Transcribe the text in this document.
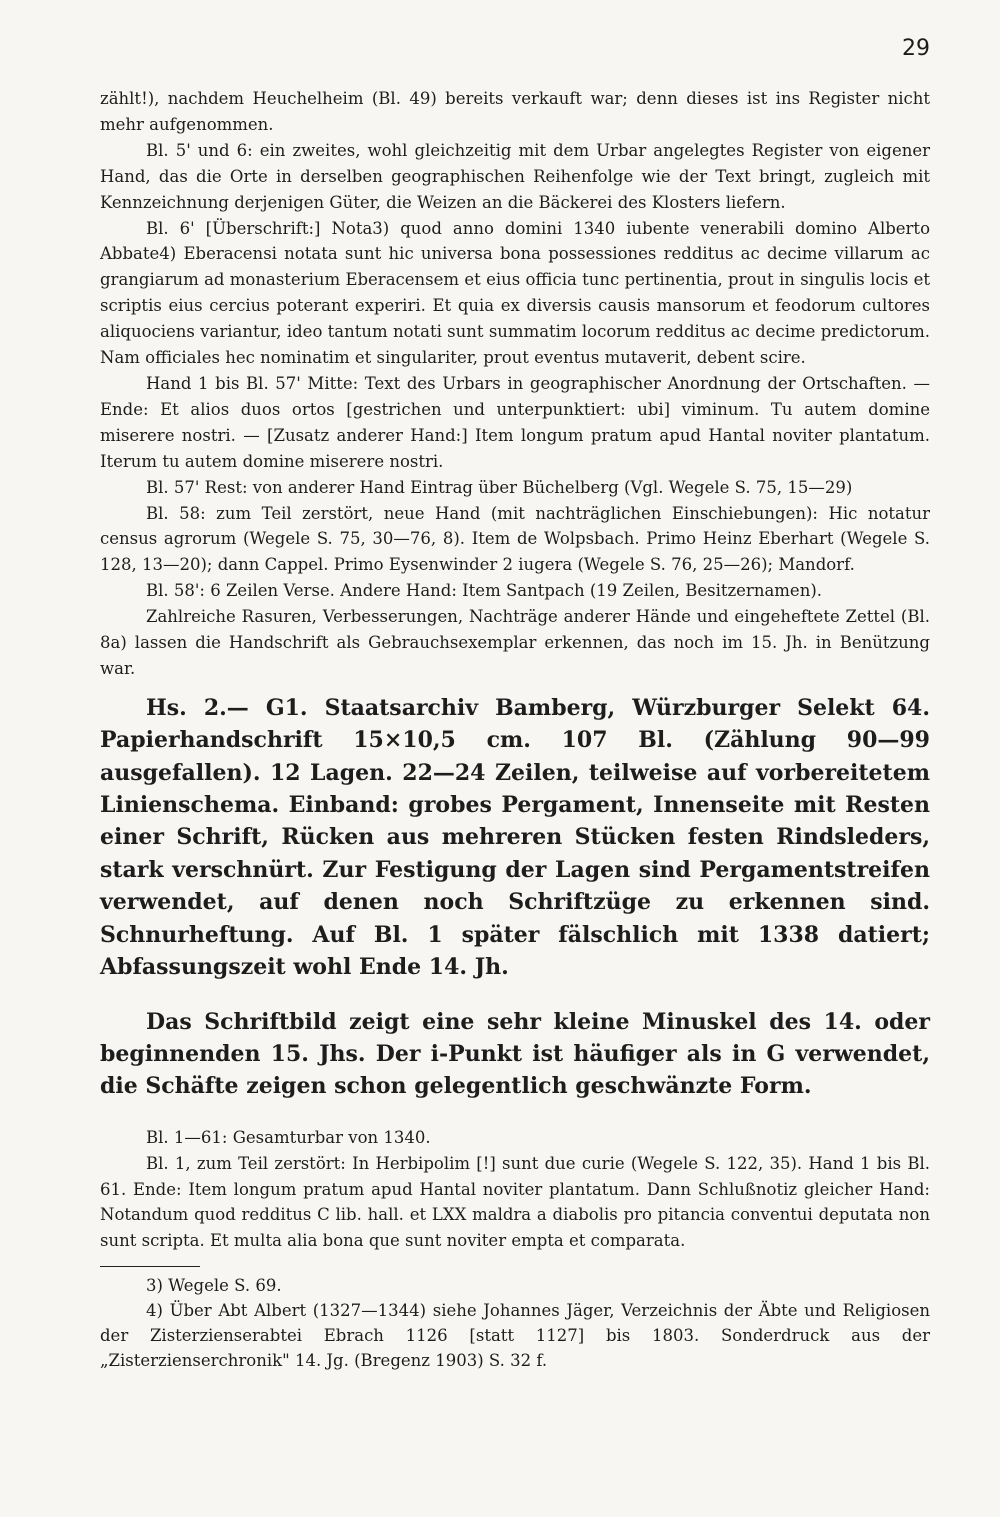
29

zählt!), nachdem Heuchelheim (Bl. 49) bereits verkauft war; denn dieses ist ins Register nicht mehr aufgenommen.

Bl. 5' und 6: ein zweites, wohl gleichzeitig mit dem Urbar angelegtes Register von eigener Hand, das die Orte in derselben geographischen Reihenfolge wie der Text bringt, zugleich mit Kennzeichnung derjenigen Güter, die Weizen an die Bäckerei des Klosters liefern.

Bl. 6' [Überschrift:] Nota3) quod anno domini 1340 iubente venerabili domino Alberto Abbate4) Eberacensi notata sunt hic universa bona possessiones redditus ac decime villarum ac grangiarum ad monasterium Eberacensem et eius officia tunc pertinentia, prout in singulis locis et scriptis eius cercius poterant experiri. Et quia ex diversis causis mansorum et feodorum cultores aliquociens variantur, ideo tantum notati sunt summatim locorum redditus ac decime predictorum. Nam officiales hec nominatim et singulariter, prout eventus mutaverit, debent scire.

Hand 1 bis Bl. 57' Mitte: Text des Urbars in geographischer Anordnung der Ortschaften. — Ende: Et alios duos ortos [gestrichen und unterpunktiert: ubi] viminum. Tu autem domine miserere nostri. — [Zusatz anderer Hand:] Item longum pratum apud Hantal noviter plantatum. Iterum tu autem domine miserere nostri.

Bl. 57' Rest: von anderer Hand Eintrag über Büchelberg (Vgl. Wegele S. 75, 15—29)

Bl. 58: zum Teil zerstört, neue Hand (mit nachträglichen Einschiebungen): Hic notatur census agrorum (Wegele S. 75, 30—76, 8). Item de Wolpsbach. Primo Heinz Eberhart (Wegele S. 128, 13—20); dann Cappel. Primo Eysenwinder 2 iugera (Wegele S. 76, 25—26); Mandorf.

Bl. 58': 6 Zeilen Verse. Andere Hand: Item Santpach (19 Zeilen, Besitzernamen).

Zahlreiche Rasuren, Verbesserungen, Nachträge anderer Hände und eingeheftete Zettel (Bl. 8a) lassen die Handschrift als Gebrauchsexemplar erkennen, das noch im 15. Jh. in Benützung war.

Hs. 2.— G1. Staatsarchiv Bamberg, Würzburger Selekt 64. Papierhandschrift 15×10,5 cm. 107 Bl. (Zählung 90—99 ausgefallen). 12 Lagen. 22—24 Zeilen, teilweise auf vorbereitetem Linienschema. Einband: grobes Pergament, Innenseite mit Resten einer Schrift, Rücken aus mehreren Stücken festen Rindsleders, stark verschnürt. Zur Festigung der Lagen sind Pergamentstreifen verwendet, auf denen noch Schriftzüge zu erkennen sind. Schnurheftung. Auf Bl. 1 später fälschlich mit 1338 datiert; Abfassungszeit wohl Ende 14. Jh.

Das Schriftbild zeigt eine sehr kleine Minuskel des 14. oder beginnenden 15. Jhs. Der i-Punkt ist häufiger als in G verwendet, die Schäfte zeigen schon gelegentlich geschwänzte Form.

Bl. 1—61: Gesamturbar von 1340.

Bl. 1, zum Teil zerstört: In Herbipolim [!] sunt due curie (Wegele S. 122, 35). Hand 1 bis Bl. 61. Ende: Item longum pratum apud Hantal noviter plantatum. Dann Schlußnotiz gleicher Hand: Notandum quod redditus C lib. hall. et LXX maldra a diabolis pro pitancia conventui deputata non sunt scripta. Et multa alia bona que sunt noviter empta et comparata.

3) Wegele S. 69.

4) Über Abt Albert (1327—1344) siehe Johannes Jäger, Verzeichnis der Äbte und Religiosen der Zisterzienserabtei Ebrach 1126 [statt 1127] bis 1803. Sonderdruck aus der „Zisterzienserchronik" 14. Jg. (Bregenz 1903) S. 32 f.
